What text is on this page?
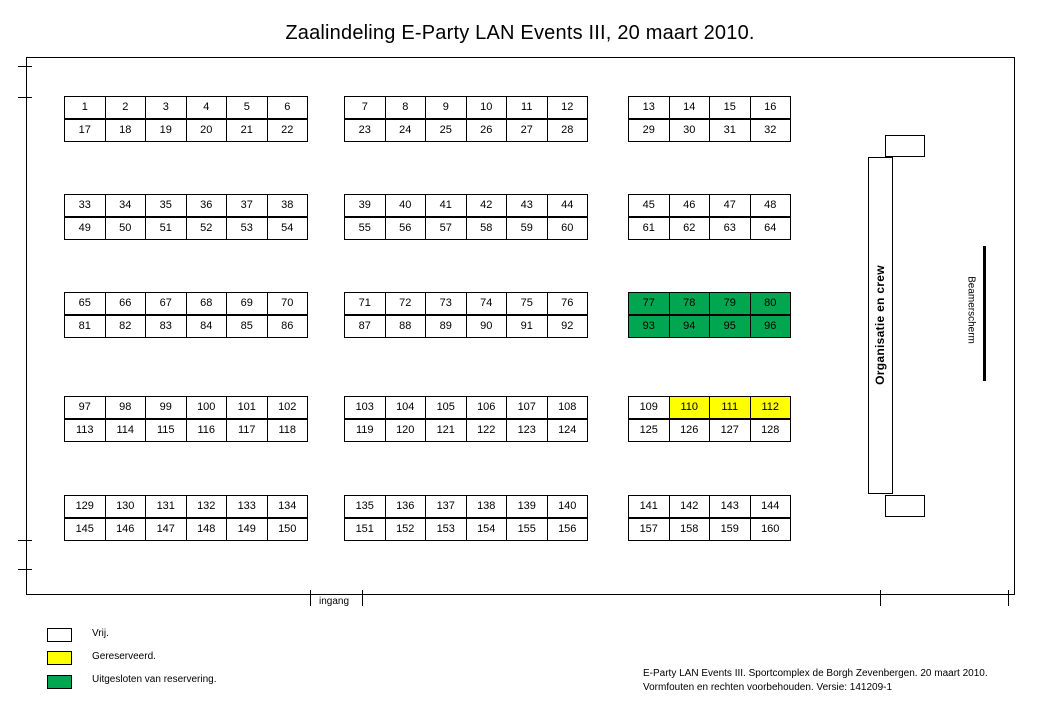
Zaalindeling E-Party LAN Events III, 20 maart 2010.
1	2	3	4	5	6
17	18	19	20	21	22
7	8	9	10	11	12
23	24	25	26	27	28
13	14	15	16
29	30	31	32
33	34	35	36	37	38
49	50	51	52	53	54
39	40	41	42	43	44
55	56	57	58	59	60
45	46	47	48
61	62	63	64
65	66	67	68	69	70
81	82	83	84	85	86
71	72	73	74	75	76
87	88	89	90	91	92
77	78	79	80
93	94	95	96
97	98	99	100	101	102
113	114	115	116	117	118
103	104	105	106	107	108
119	120	121	122	123	124
109	110	111	112
125	126	127	128
129	130	131	132	133	134
145	146	147	148	149	150
135	136	137	138	139	140
151	152	153	154	155	156
141	142	143	144
157	158	159	160
Organisatie en crew	Beamerscherm
ingang
Vrij.
Gereserveerd.
Uitgesloten van reservering.
E-Party LAN Events III. Sportcomplex de Borgh Zevenbergen. 20 maart 2010.
Vormfouten en rechten voorbehouden. Versie: 141209-1
